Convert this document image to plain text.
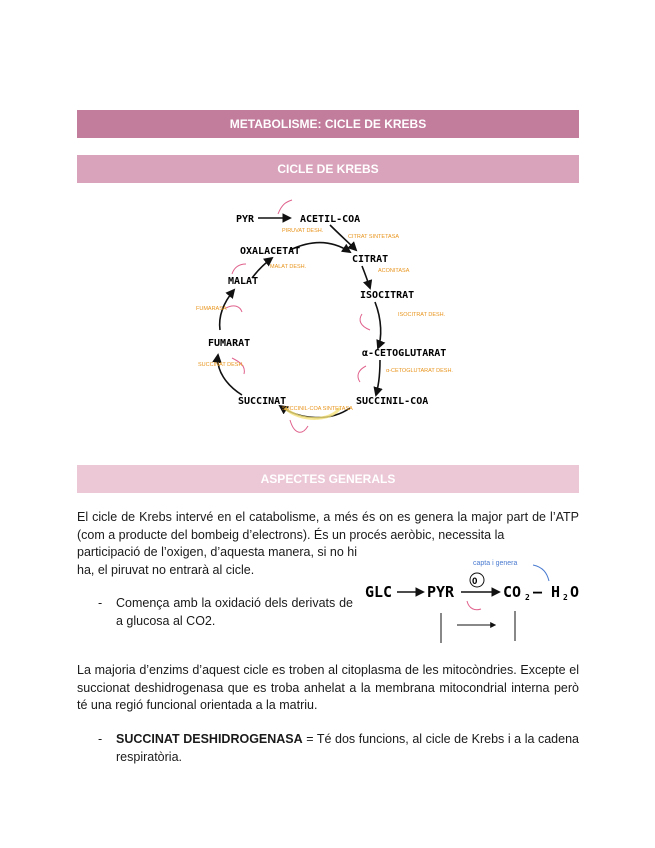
METABOLISME: CICLE DE KREBS
CICLE DE KREBS
PYR	ACETIL-COA
CITRAT
ISOCITRAT
α-CETOGLUTARAT
SUCCINIL-COA
SUCCINAT
FUMARAT
MALAT
OXALACETAT
PIRUVAT DESH.
CITRAT SINTETASA
ACONITASA
ISOCITRAT DESH.
α-CETOGLUTARAT DESH.
SUCCINIL-COA SINTETASA
SUCCINAT DESH.
FUMARASA
MALAT DESH.
ASPECTES GENERALS
El cicle de Krebs intervé en el catabolisme, a més és on es genera la major part de l’ATP (com a producte del bombeig d’electrons). És un procés aeròbic, necessita la
participació de l’oxigen, d’aquesta manera, si no hi ha, el piruvat no entrarà al cicle.
- Comença amb la oxidació dels derivats de a glucosa al CO2.
GLC PYR
O
CO 2 – H 2 O
capta i genera
La majoria d’enzims d’aquest cicle es troben al citoplasma de les mitocòndries. Excepte el succionat deshidrogenasa que es troba anhelat a la membrana mitocondrial interna però té una regió funcional orientada a la matriu.
- SUCCINAT DESHIDROGENASA = Té dos funcions, al cicle de Krebs i a la cadena respiratòria.
